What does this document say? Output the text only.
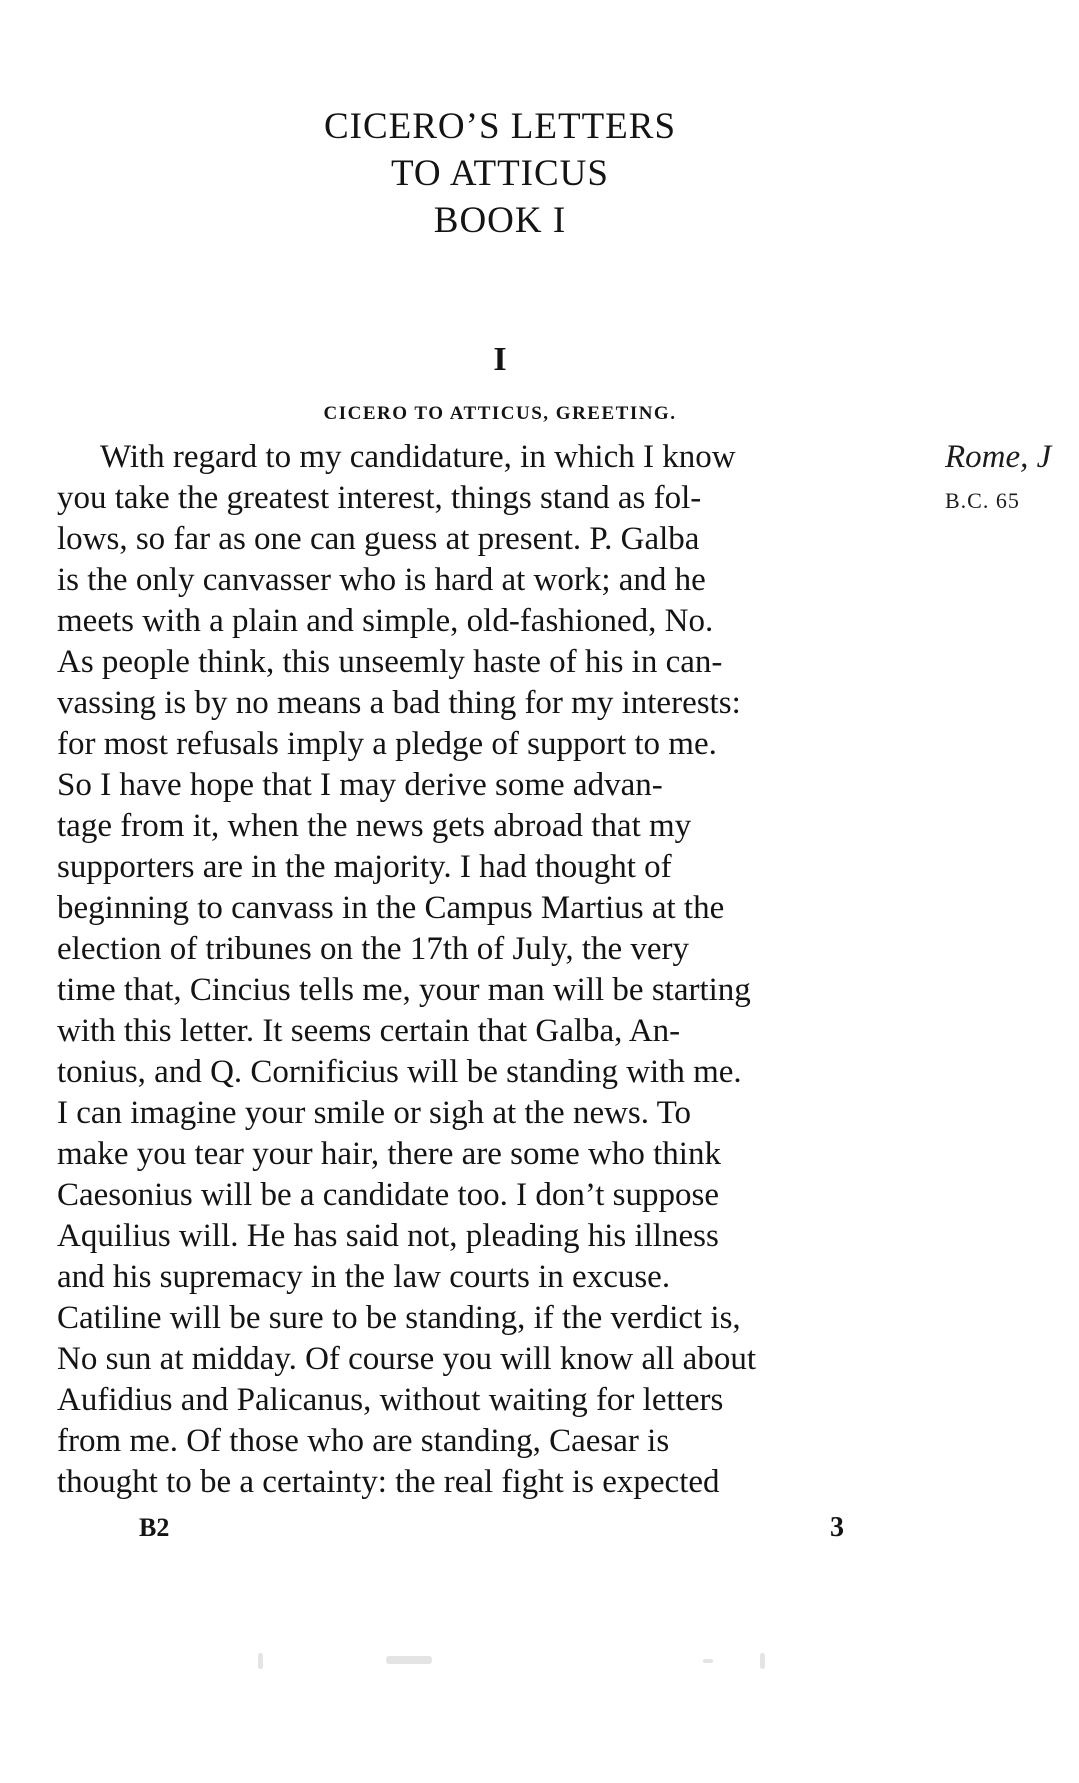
CICERO’S LETTERS
TO ATTICUS
BOOK I
I
CICERO TO ATTICUS, GREETING.
With regard to my candidature, in which I know
you take the greatest interest, things stand as fol-
lows, so far as one can guess at present. P. Galba
is the only canvasser who is hard at work; and he
meets with a plain and simple, old-fashioned, No.
As people think, this unseemly haste of his in can-
vassing is by no means a bad thing for my interests:
for most refusals imply a pledge of support to me.
So I have hope that I may derive some advan-
tage from it, when the news gets abroad that my
supporters are in the majority. I had thought of
beginning to canvass in the Campus Martius at the
election of tribunes on the 17th of July, the very
time that, Cincius tells me, your man will be starting
with this letter. It seems certain that Galba, An-
tonius, and Q. Cornificius will be standing with me.
I can imagine your smile or sigh at the news. To
make you tear your hair, there are some who think
Caesonius will be a candidate too. I don’t suppose
Aquilius will. He has said not, pleading his illness
and his supremacy in the law courts in excuse.
Catiline will be sure to be standing, if the verdict is,
No sun at midday. Of course you will know all about
Aufidius and Palicanus, without waiting for letters
from me. Of those who are standing, Caesar is
thought to be a certainty: the real fight is expected
Rome, J
B.C. 65
B2	3
